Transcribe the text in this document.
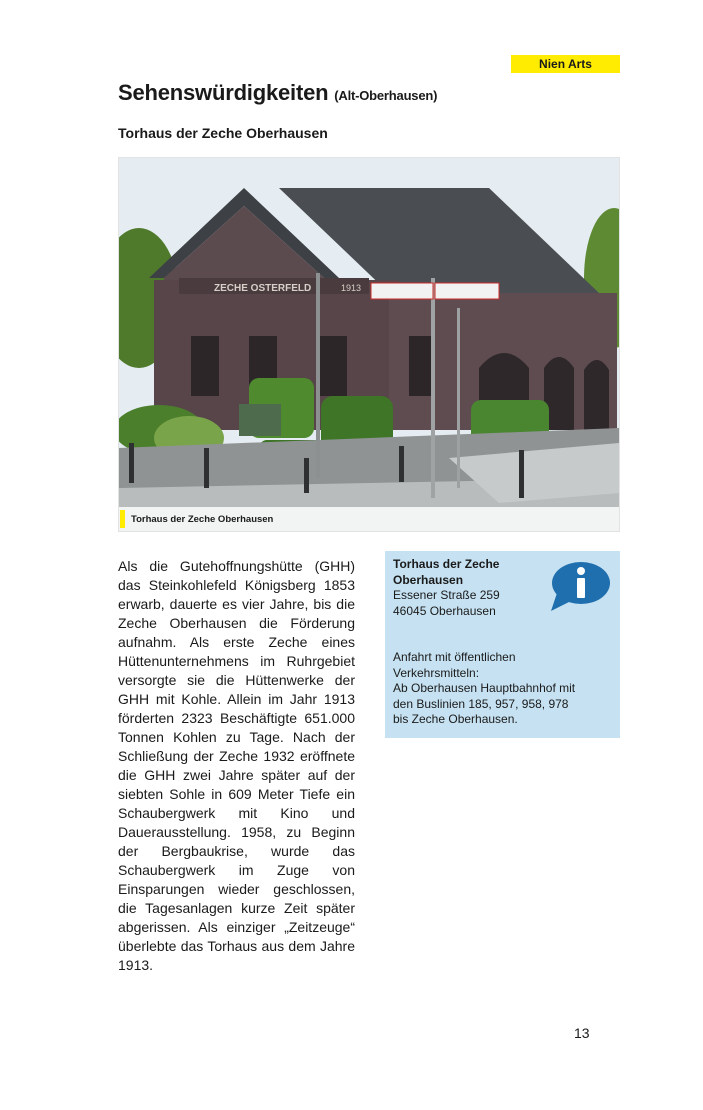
Nien Arts
Sehenswürdigkeiten (Alt-Oberhausen)
Torhaus der Zeche Oberhausen
ZECHE OSTERFELD	1913
Torhaus der Zeche Oberhausen

Als die Gutehoffnungshütte (GHH) das Steinkohlefeld Königsberg 1853 erwarb, dauerte es vier Jahre, bis die Zeche Oberhausen die Förderung aufnahm. Als erste Zeche eines Hüttenunternehmens im Ruhrgebiet versorgte sie die Hüttenwerke der GHH mit Kohle. Allein im Jahr 1913 förderten 2323 Beschäftigte 651.000 Tonnen Kohlen zu Tage. Nach der Schließung der Zeche 1932 eröffnete die GHH zwei Jahre später auf der siebten Sohle in 609 Meter Tiefe ein Schaubergwerk mit Kino und Dauerausstellung. 1958, zu Beginn der Bergbaukrise, wurde das Schaubergwerk im Zuge von Einsparungen wieder geschlossen, die Tagesanlagen kurze Zeit später abgerissen. Als einziger „Zeitzeuge“ überlebte das Torhaus aus dem Jahre 1913.

Torhaus der Zeche Oberhausen
Essener Straße 259
46045 Oberhausen
Anfahrt mit öffentlichen
Verkehrsmitteln:
Ab Oberhausen Hauptbahnhof mit
den Buslinien 185, 957, 958, 978
bis Zeche Oberhausen.
13
